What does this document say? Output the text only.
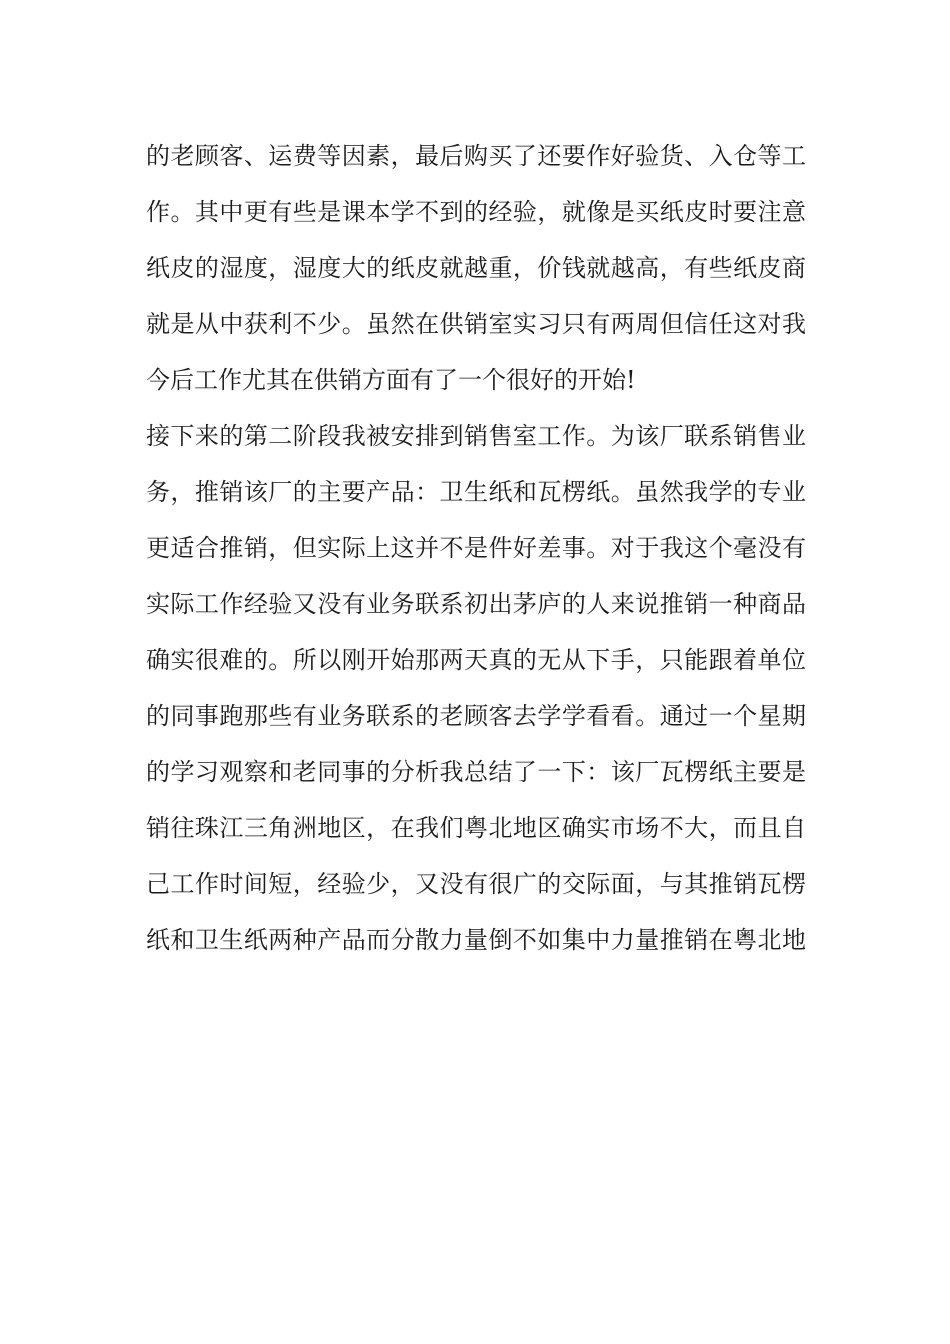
的老顾客、运费等因素，最后购买了还要作好验货、入仓等工
作。其中更有些是课本学不到的经验，就像是买纸皮时要注意
纸皮的湿度，湿度大的纸皮就越重，价钱就越高，有些纸皮商
就是从中获利不少。虽然在供销室实习只有两周但信任这对我
今后工作尤其在供销方面有了一个很好的开始!
接下来的第二阶段我被安排到销售室工作。为该厂联系销售业
务，推销该厂的主要产品：卫生纸和瓦楞纸。虽然我学的专业
更适合推销，但实际上这并不是件好差事。对于我这个毫没有
实际工作经验又没有业务联系初出茅庐的人来说推销一种商品
确实很难的。所以刚开始那两天真的无从下手，只能跟着单位
的同事跑那些有业务联系的老顾客去学学看看。通过一个星期
的学习观察和老同事的分析我总结了一下：该厂瓦楞纸主要是
销往珠江三角洲地区，在我们粤北地区确实市场不大，而且自
己工作时间短，经验少，又没有很广的交际面，与其推销瓦楞
纸和卫生纸两种产品而分散力量倒不如集中力量推销在粤北地
